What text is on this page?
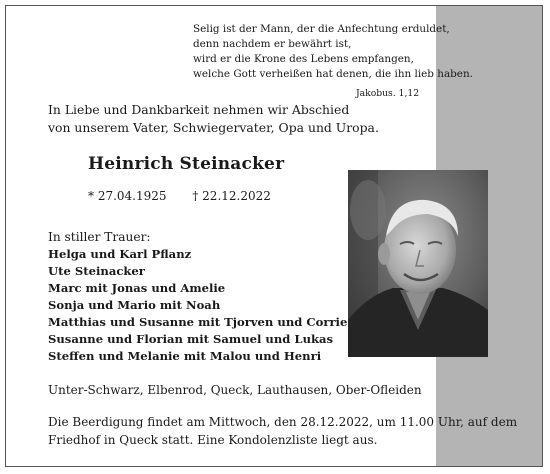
Selig ist der Mann, der die Anfechtung erduldet,
denn nachdem er bewährt ist,
wird er die Krone des Lebens empfangen,
welche Gott verheißen hat denen, die ihn lieb haben.
Jakobus. 1,12
In Liebe und Dankbarkeit nehmen wir Abschied
von unserem Vater, Schwiegervater, Opa und Uropa.
Heinrich Steinacker
* 27.04.1925 † 22.12.2022
In stiller Trauer:
Helga und Karl Pflanz
Ute Steinacker
Marc mit Jonas und Amelie
Sonja und Mario mit Noah
Matthias und Susanne mit Tjorven und Corrie
Susanne und Florian mit Samuel und Lukas
Steffen und Melanie mit Malou und Henri
Unter-Schwarz, Elbenrod, Queck, Lauthausen, Ober-Ofleiden
Die Beerdigung findet am Mittwoch, den 28.12.2022, um 11.00 Uhr, auf dem
Friedhof in Queck statt. Eine Kondolenzliste liegt aus.
